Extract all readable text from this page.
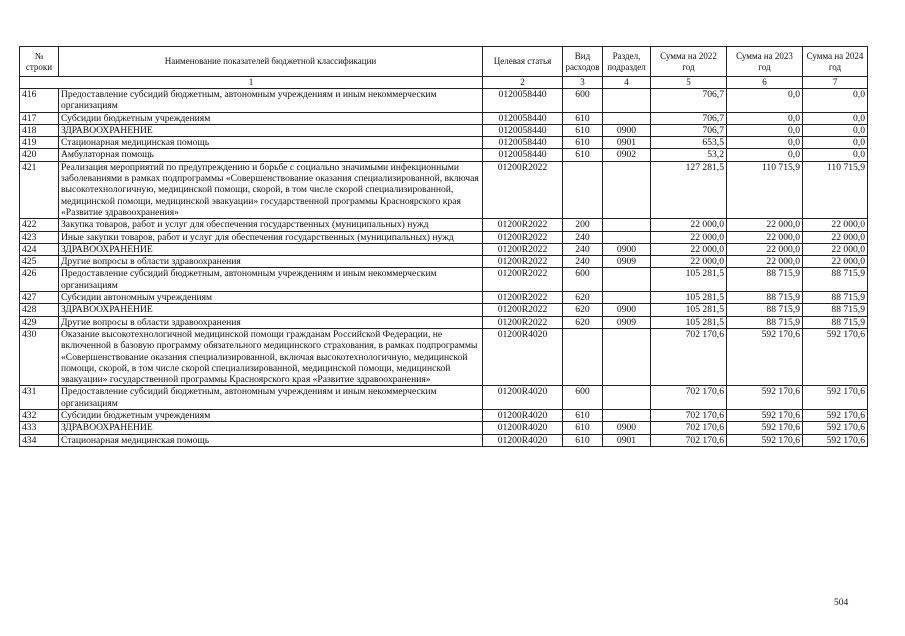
№ строки	Наименование показателей бюджетной классификации	Целевая статья	Вид расходов	Раздел, подраздел	Сумма на 2022 год	Сумма на 2023 год	Сумма на 2024 год
1		2	3	4	5	6	7
416	Предоставление субсидий бюджетным, автономным учреждениям и иным некоммерческим организациям	0120058440	600		706,7	0,0	0,0
417	Субсидии бюджетным учреждениям	0120058440	610		706,7	0,0	0,0
418	ЗДРАВООХРАНЕНИЕ	0120058440	610	0900	706,7	0,0	0,0
419	Стационарная медицинская помощь	0120058440	610	0901	653,5	0,0	0,0
420	Амбулаторная помощь	0120058440	610	0902	53,2	0,0	0,0
421	Реализация мероприятий по предупреждению и борьбе с социально значимыми инфекционными заболеваниями в рамках подпрограммы «Совершенствование оказания специализированной, включая высокотехнологичную, медицинской помощи, скорой, в том числе скорой специализированной, медицинской помощи, медицинской эвакуации» государственной программы Красноярского края «Развитие здравоохранения»	01200R2022			127 281,5	110 715,9	110 715,9
422	Закупка товаров, работ и услуг для обеспечения государственных (муниципальных) нужд	01200R2022	200		22 000,0	22 000,0	22 000,0
423	Иные закупки товаров, работ и услуг для обеспечения государственных (муниципальных) нужд	01200R2022	240		22 000,0	22 000,0	22 000,0
424	ЗДРАВООХРАНЕНИЕ	01200R2022	240	0900	22 000,0	22 000,0	22 000,0
425	Другие вопросы в области здравоохранения	01200R2022	240	0909	22 000,0	22 000,0	22 000,0
426	Предоставление субсидий бюджетным, автономным учреждениям и иным некоммерческим организациям	01200R2022	600		105 281,5	88 715,9	88 715,9
427	Субсидии автономным учреждениям	01200R2022	620		105 281,5	88 715,9	88 715,9
428	ЗДРАВООХРАНЕНИЕ	01200R2022	620	0900	105 281,5	88 715,9	88 715,9
429	Другие вопросы в области здравоохранения	01200R2022	620	0909	105 281,5	88 715,9	88 715,9
430	Оказание высокотехнологичной медицинской помощи гражданам Российской Федерации, не включенной в базовую программу обязательного медицинского страхования, в рамках подпрограммы «Совершенствование оказания специализированной, включая высокотехнологичную, медицинской помощи, скорой, в том числе скорой специализированной, медицинской помощи, медицинской эвакуации» государственной программы Красноярского края «Развитие здравоохранения»	01200R4020			702 170,6	592 170,6	592 170,6
431	Предоставление субсидий бюджетным, автономным учреждениям и иным некоммерческим организациям	01200R4020	600		702 170,6	592 170,6	592 170,6
432	Субсидии бюджетным учреждениям	01200R4020	610		702 170,6	592 170,6	592 170,6
433	ЗДРАВООХРАНЕНИЕ	01200R4020	610	0900	702 170,6	592 170,6	592 170,6
434	Стационарная медицинская помощь	01200R4020	610	0901	702 170,6	592 170,6	592 170,6
504
